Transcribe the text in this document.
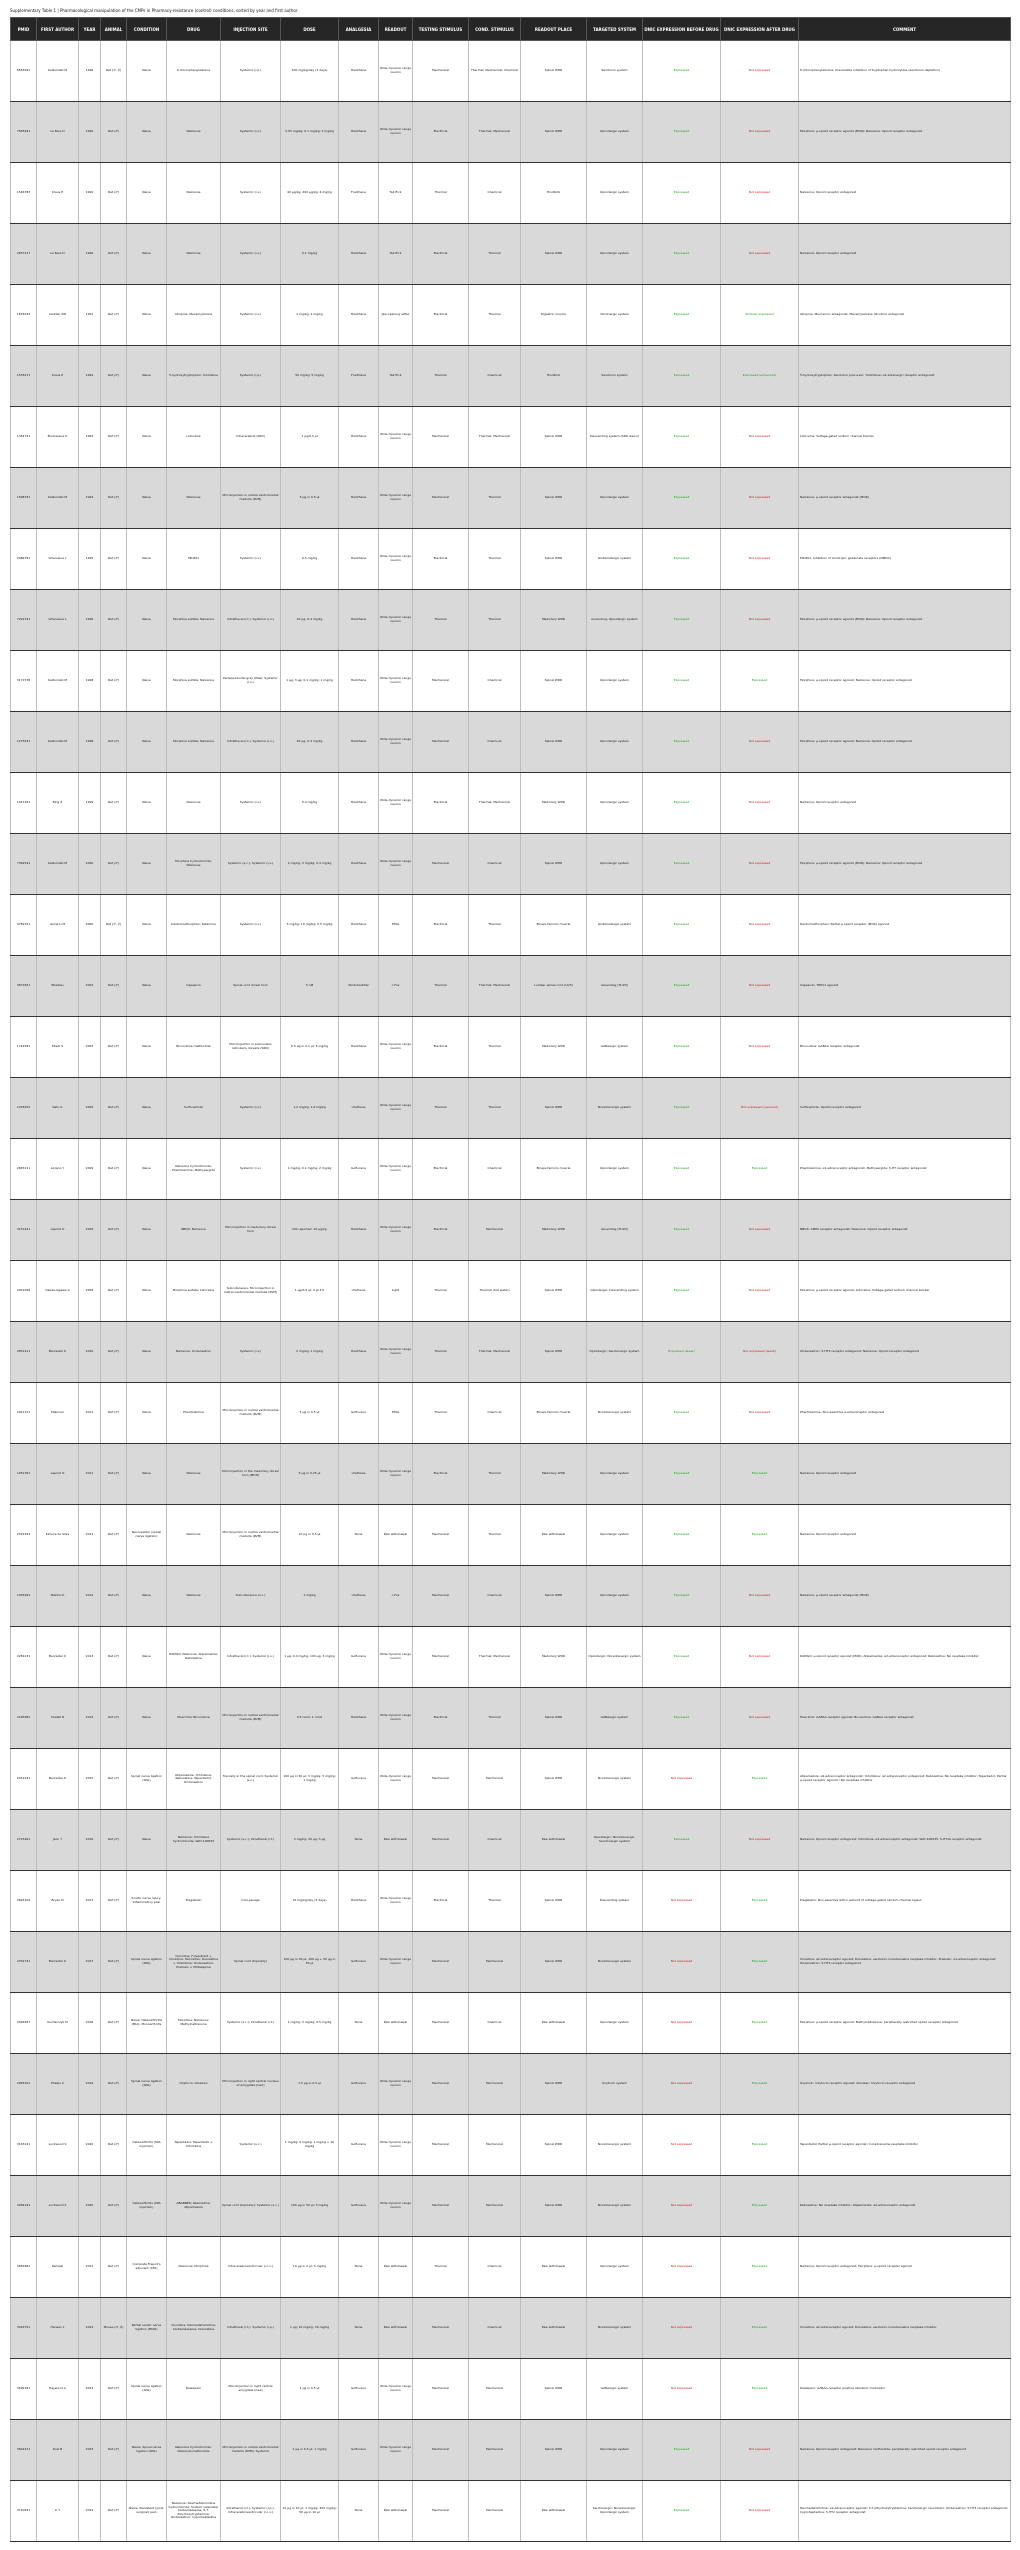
Supplementary Table 1 | Pharmacological manipulation of the CMPs in Pharmacy-resistance (control) conditions, sorted by year and first author
PMID	FIRST AUTHOR	YEAR	ANIMAL	CONDITION	DRUG	INJECTION SITE	DOSE	ANALGESIA	READOUT	TESTING STIMULUS	COND. STIMULUS	READOUT PLACE	TARGETED SYSTEM	DNIC EXPRESSION BEFORE DRUG	DNIC EXPRESSION AFTER DRUG	COMMENT
8563991	Kalliomäki M	1996	Rat (♂, ♀)	Naive	P-chlorophenylalanine	Systemic (i.p.)	300 mg/kg/day (3 days)	Halothane	Wide dynamic range neuron	Mechanical	Thermal; Mechanical; Chemical	Spinal WDR	Serotonin system	Expressed	Not expressed	P-chlorophenylalanine: Irreversible inhibition of tryptophan hydroxylase (serotonin depletion)
7583491	Le Bars D	1990	Rat (♂)	Naive	Naloxone	Systemic (i.v.)	0.05 mg/kg; 0.1 mg/kg; 2 mg/kg	Halothane	Wide dynamic range neuron	Electrical	Thermal; Mechanical	Spinal WDR	Opioidergic system	Expressed	Not expressed	Morphine: μ-opioid receptor agonist (MOR); Naloxone: Opioid receptor antagonist
1546783	Kraus E	1990	Rat (♂)	Naive	Naloxone	Systemic (i.v.)	40 μg/kg; 400 μg/kg; 4 mg/kg	Fluothane	Tail flick	Thermal	Chemical	Hindlimb	Opioidergic system	Expressed	Not expressed	Naloxone: Opioid receptor antagonist
2657217	Le Bars D	1990	Rat (♂)	Naive	Naloxone	Systemic (i.v.)	0.1 mg/kg	Halothane	Tail flick	Electrical	Thermal	Spinal WDR	Opioidergic system	Expressed	Not expressed	Naloxone: Opioid receptor antagonist
1876543	Cadden SW	1991	Rat (♂)	Naive	Atropine; Mecamylamine	Systemic (i.v.)	1 mg/kg; 2 mg/kg	Halothane	Jaw-opening reflex	Electrical	Thermal	Digastric muscle	Cholinergic system	Expressed	Partially expressed	Atropine: Muscarinic antagonist; Mecamylamine: Nicotinic antagonist
1578271	Kraus E	1992	Rat (♂)	Naive	5-hydroxytryptophan; Yohimbine	Systemic (i.p.)	50 mg/kg; 5 mg/kg	Fluothane	Tail flick	Thermal	Chemical	Hindlimb	Serotonin system	Expressed	Expressed (enhanced)	5-hydroxytryptophan: Serotonin precursor; Yohimbine: α2-adrenergic receptor antagonist
1354791	Bouhassira D	1993	Rat (♂)	Naive	Lidocaine	Intracerebral (SRD)	1 μg/0.5 μl	Halothane	Wide dynamic range neuron	Mechanical	Thermal; Mechanical	Spinal WDR	Descending system (SRD lesion)	Expressed	Not expressed	Lidocaine: Voltage-gated sodium channel blocker
1598331	Kalliomäki M	1994	Rat (♂)	Naive	Naloxone	Microinjection in rostral ventromedial medulla (RVM)	5 μg in 0.5 μl	Halothane	Wide dynamic range neuron	Mechanical	Thermal	Spinal WDR	Opioidergic system	Expressed	Not expressed	Naloxone: μ-opioid receptor antagonist (MOR)
2086781	Villanueva L	1995	Rat (♂)	Naive	MK-801	Systemic (i.v.)	0.5 mg/kg	Halothane	Wide dynamic range neuron	Electrical	Thermal	Spinal WDR	Glutamatergic system	Expressed	Not expressed	MK-801: Inhibition of ionotropic glutamate receptors (NMDA)
7291331	Villanueva L	1996	Rat (♂)	Naive	Morphine sulfate; Naloxone	Intrathecal (i.t.); Systemic (i.v.)	10 μg; 0.4 mg/kg	Halothane	Wide dynamic range neuron	Thermal	Thermal	Medullary WDR	Ascending; Opioidergic system	Expressed	Not expressed	Morphine: μ-opioid receptor agonist (MOR); Naloxone: Opioid receptor antagonist
3171578	Kalliomäki M	1998	Rat (♂)	Naive	Morphine sulfate; Naloxone	Periaqueductal grey (PAG); Systemic (i.v.)	1 μg; 3 μg; 0.1 mg/kg; 1 mg/kg	Halothane	Wide dynamic range neuron	Mechanical	Chemical	Spinal WDR	Opioidergic system	Expressed	Expressed	Morphine: μ-opioid receptor agonist; Naloxone: Opioid receptor antagonist
1275631	Kalliomäki M	1998	Rat (♂)	Naive	Morphine sulfate; Naloxone	Intrathecal (i.t.); Systemic (i.v.)	25 μg; 0.4 mg/kg	Halothane	Wide dynamic range neuron	Mechanical	Chemical	Spinal WDR	Opioidergic system	Expressed	Not expressed	Morphine: μ-opioid receptor agonist; Naloxone: Opioid receptor antagonist
1457361	Bing Z	1999	Rat (♂)	Naive	Naloxone	Systemic (i.v.)	0.4 mg/kg	Halothane	Wide dynamic range neuron	Electrical	Thermal; Mechanical	Medullary WDR	Opioidergic system	Expressed	Not expressed	Naloxone: Opioid receptor antagonist
7362541	Kalliomäki M	2000	Rat (♂)	Naive	Morphine hydrochloride; Naloxone	Systemic (s.c.); Systemic (i.v.)	1 mg/kg; 3 mg/kg; 0.4 mg/kg	Halothane	Wide dynamic range neuron	Mechanical	Chemical	Spinal WDR	Opioidergic system	Expressed	Not expressed	Morphine: μ-opioid receptor agonist (MOR); Naloxone: Opioid receptor antagonist
4781551	Gozariu M	2000	Rat (♂, ♀)	Naive	Dextromethorphan; Ketamine	Systemic (i.v.)	5 mg/kg; 10 mg/kg; 0.5 mg/kg	Halothane	EMG	Electrical	Thermal	Biceps femoris muscle	Glutamatergic system	Expressed	Not expressed	Dextromethorphan: Partial μ-opioid receptor (MOR) agonist
3671821	Ebadian	2002	Rat (♂)	Naive	Capsaicin	Spinal cord dorsal horn	5 nM	Pentobarbital	c-Fos	Thermal	Thermal; Mechanical	Lumbar spinal cord (L4/5)	Ascending (TL4/5)	Expressed	Not expressed	Capsaicin: TRPV1 agonist
1742581	Ebadi S	2003	Rat (♂)	Naive	Bicuculline methiodide	Microinjection in subnucleus reticularis dorsalis (SRD)	0.5 μg in 0.1 μl; 5 mg/kg	Halothane	Wide dynamic range neuron	Electrical	Thermal	Medullary WDR	GABAergic system	Expressed	Not expressed	Bicuculline: GABAA receptor antagonist
1293452	Kato G	2005	Rat (♂)	Naive	Sulfonamide	Systemic (i.v.)	1.2 mg/kg; 1.6 mg/kg	Urethane	Wide dynamic range neuron	Thermal	Thermal	Spinal WDR	Noradrenergic system	Expressed	Not expressed (reduced)	Sulfonamide: Opioid receptor antagonist
2687211	Lozano Y	2009	Rat (♂)	Naive	Naloxone hydrochloride; Phentolamine; Methysergide	Systemic (i.v.)	1 mg/kg; 0.1 mg/kg; 2 mg/kg	Isoflurane	Wide dynamic range neuron	Electrical	Chemical	Biceps femoris muscle	Opioidergic system	Expressed	Expressed	Phentolamine: α1-adrenoceptor antagonist; Methysergide: 5-HT receptor antagonist
3151441	Lapirot O	2009	Rat (♂)	Naive	NBQX; Naloxone	Microinjection in medullary dorsal horn	Not reported; 10 μg/kg	Halothane	Wide dynamic range neuron	Electrical	Mechanical	Medullary WDR	Ascending (TL4/5)	Expressed	Not expressed	NBQX: AMPA receptor antagonist; Naloxone: Opioid receptor antagonist
2941008	Okada-Ogawa A	2009	Rat (♂)	Naive	Morphine sulfate; Lidocaine	Subcutaneous; Microinjection in rostral ventromedial medulla (RVM)	1 μg/0.5 μl; 4 μl 2%	Urethane	Light	Thermal	Thermal (hot water)	Spinal WDR	Opioidergic; Descending system	Expressed	Not expressed	Morphine: μ-opioid receptor agonist; Lidocaine: Voltage-gated sodium channel blocker
2831411	Bannister K	2010	Rat (♂)	Naive	Naloxone; Ondansetron	Systemic (i.v.)	2 mg/kg; 1 mg/kg	Halothane	Wide dynamic range neuron	Thermal	Thermal; Mechanical	Spinal WDR	Opioidergic; Serotonergic system	Expressed (weak)	Not expressed (weak)	Ondansetron: 5-HT3 receptor antagonist; Naloxone: Opioid receptor antagonist
2921311	Mabrouk	2011	Rat (♂)	Naive	Phentolamine	Microinjection in rostral ventromedial medulla (RVM)	5 μg in 0.5 μl	Isoflurane	EMG	Thermal	Chemical	Biceps femoris muscle	Noradrenergic system	Expressed	Not expressed	Phentolamine: Non-selective α-adrenoceptor antagonist
1951391	Lapirot O	2011	Rat (♂)	Naive	Naloxone	Microinjection in the medullary dorsal horn (MDH)	5 μg in 0.25 μl	Urethane	Wide dynamic range neuron	Electrical	Thermal	Medullary WDR	Opioidergic system	Expressed	Expressed	Naloxone: Opioid receptor antagonist
2319354	Kimura da Silva	2011	Rat (♂)	Neuropathic (spinal nerve ligation)	Naloxone	Microinjection in rostral ventromedial medulla (RVM)	10 μg in 0.5 μl	None	Paw withdrawal	Mechanical	Thermal	Paw withdrawal	Opioidergic system	Expressed	Expressed	Naloxone: Opioid receptor antagonist
1935991	Makino K	2012	Rat (♂)	Naive	Naloxone	Subcutaneous (s.c.)	1 mg/kg	Urethane	c-Fos	Mechanical	Chemical	Spinal WDR	Opioidergic system	Expressed	Not expressed	Naloxone: μ-opioid receptor antagonist (MOR)
2281231	Bannister K	2013	Rat (♂)	Naive	DAMGO; Naloxone; Atipamezole; Reboxetine	Intrathecal (i.t.); Systemic (i.v.)	1 μg; 0.4 mg/kg; 100 μg; 3 mg/kg	Isoflurane	Wide dynamic range neuron	Mechanical	Thermal; Mechanical	Medullary WDR	Opioidergic; Noradrenergic system	Expressed	Not expressed	DAMGO: μ-opioid receptor agonist (MOR); Atipamezole: α2-adrenoceptor antagonist; Reboxetine: NA reuptake inhibitor
2165981	Chebbi R	2014	Rat (♂)	Naive	Muscimol; Bicuculline	Microinjection in rostral ventromedial medulla (RVM)	0.5 nmol; 1 nmol	Halothane	Wide dynamic range neuron	Electrical	Thermal	Spinal WDR	GABAergic system	Expressed	Not expressed	Muscimol: GABAA receptor agonist; Bicuculline: GABAA receptor antagonist
2451931	Bannister K	2015	Rat (♂)	Spinal nerve ligation (SNL)	Atipamezole; Yohimbine; Reboxetine; Tapentadol; Ondansetron	Topically in the spinal cord; Systemic (s.c.)	100 μg in 50 μl; 3 mg/kg; 5 mg/kg; 1 mg/kg	Isoflurane	Wide dynamic range neuron	Mechanical	Mechanical	Spinal WDR	Noradrenergic system	Not expressed	Expressed	Atipamezole: α2-adrenoceptor antagonist; Yohimbine: α2-adrenoceptor antagonist; Reboxetine: NA reuptake inhibitor; Tapentadol: Partial μ-opioid receptor agonist / NA reuptake inhibitor
2715461	Jeon Y	2016	Rat (♂)	Naive	Naloxone; Yohimbine hydrochloride; WAY-100635	Systemic (s.c.); Intrathecal (i.t.)	3 mg/kg; 30 μg; 3 μg	None	Paw withdrawal	Mechanical	Chemical	Paw withdrawal	Opioidergic; Noradrenergic; Serotonergic system	Expressed	Not expressed	Naloxone: Opioid receptor antagonist; Yohimbine: α2-adrenoceptor antagonist; WAY-100635: 5-HT1A receptor antagonist
2893104	Bryan N	2017	Rat (♂)	Sciatic nerve injury; Inflammatory pain	Pregabalin	Oral gavage	10 mg/kg/day (3 days)	Halothane	Wide dynamic range neuron	Electrical	Thermal	Spinal WDR	Descending system	Not expressed	Expressed	Pregabalin: Non-selective α2δ-1 subunit of voltage-gated calcium channel ligand
2761721	Bannister K	2017	Rat (♂)	Spinal nerve ligation (SNL)	Clonidine; Fulvestrant + Clonidine; Tamoxifen; Duloxetine + Yohimbine; Ondansetron; Prazosin + Mirtazapine	Spinal cord (topically)	100 μg in 50 μl; 100 μg + 50 μg in 50 μl	Isoflurane	Wide dynamic range neuron	Mechanical	Mechanical	Spinal WDR	Noradrenergic system	Not expressed	Expressed	Clonidine: α2-adrenoceptor agonist; Duloxetine: serotonin-noradrenaline reuptake inhibitor; Prazosin: α1-adrenoceptor antagonist; Ondansetron: 5-HT3 receptor antagonist
2946467	Kucharczyk M	2018	Rat (♂)	Naive; Osteoarthritis (MIA); Monoarthritis	Morphine; Naloxone; Methylnaltrexone	Systemic (s.c.); Intrathecal (i.t.)	1 mg/kg; 3 mg/kg; 0.5 mg/kg	None	Paw withdrawal	Mechanical	Chemical	Paw withdrawal	Opioidergic system	Not expressed	Expressed	Morphine: μ-opioid receptor agonist; Methylnaltrexone: peripherally restricted opioid receptor antagonist
2993101	Phelps C	2019	Rat (♂)	Spinal nerve ligation (SNL)	Oxytocin; Atosiban	Microinjection in right central nucleus of amygdala (CeA)	1.5 μg in 0.5 μl	Isoflurane	Wide dynamic range neuron	Mechanical	Mechanical	Spinal WDR	Oxytocin system	Not expressed	Expressed	Oxytocin: Oxytocin receptor agonist; Atosiban: Oxytocin receptor antagonist
3163241	Lockwood S	2020	Rat (♂)	Osteoarthritis (MIA injection)	Tapentadol; Tapentadol + Yohimbine	Systemic (s.c.)	1 mg/kg; 5 mg/kg; 1 mg/kg + 10 mg/kg	Isoflurane	Wide dynamic range neuron	Mechanical	Mechanical	Spinal WDR	Noradrenergic system	Not expressed	Expressed	Tapentadol: Partial μ-opioid receptor agonist / noradrenaline reuptake inhibitor
3284191	Lockwood S	2020	Rat (♂)	Osteoarthritis (MIA injection)	ABGBBER; Reboxetine; Atipamezole	Spinal cord (topically); Systemic (s.c.)	100 μg in 50 μl; 3 mg/kg	Isoflurane	Wide dynamic range neuron	Mechanical	Mechanical	Spinal WDR	Noradrenergic system	Not expressed	Expressed	Reboxetine: NA reuptake inhibitor; Atipamezole: α2-adrenoceptor antagonist
3081861	Rampal	2021	Rat (♂)	Complete Freund's adjuvant (CFA)	Naloxone; Morphine	Intracerebroventricular (i.c.v.)	10 μg in 2 μl; 5 mg/kg	None	Paw withdrawal	Thermal	Chemical	Paw withdrawal	Opioidergic system	Not expressed	Expressed	Naloxone: Opioid receptor antagonist; Morphine: μ-opioid receptor agonist
3416751	Hansen L	2022	Mouse (♂, ♀)	Partial sciatic nerve ligation (PSNL)	Clonidine; Dexmedetomidine; Carbamazepine; Duloxetine	Intrathecal (i.t.); Systemic (i.p.)	1 μg; 10 mg/kg; 30 mg/kg	None	Paw withdrawal	Mechanical	Chemical	Paw withdrawal	Noradrenergic system	Not expressed	Expressed	Clonidine: α2-adrenoceptor agonist; Duloxetine: serotonin-noradrenaline reuptake inhibitor
3599181	Haywood A	2023	Rat (♂)	Spinal nerve ligation (SNL)	Diazepam	Microinjection in right central amygdala (CeA)	1 μg in 0.5 μl	Isoflurane	Wide dynamic range neuron	Mechanical	Mechanical	Spinal WDR	GABAergic system	Not expressed	Expressed	Diazepam: GABAA receptor positive allosteric modulator
3622411	Ruiz B	2023	Rat (♂)	Naive; Spinal nerve ligation (SNL)	Naloxone hydrochloride; Naloxone methiodide	Microinjection in rostral ventromedial medulla (RVM); Systemic	1 μg in 0.5 μl; 1 mg/kg	Isoflurane	Wide dynamic range neuron	Mechanical	Mechanical	Spinal WDR	Opioidergic system	Expressed	Not expressed	Naloxone: Opioid receptor antagonist; Naloxone methiodide: peripherally restricted opioid receptor antagonist
3710631	Li Y	2024	Rat (♂)	Naive; Persistent (post-surgical) pain	Naloxone; Dexmedetomidine hydrochloride; Sodium valproate; Carbamazepine; 5,7-dihydroxytryptamine; Ondansetron; Cyproheptadine	Intrathecal (i.t.); Systemic (i.p.); Intracerebroventricular (i.c.v.)	10 μg in 10 μl; 1 mg/kg; 300 mg/kg; 50 μg in 10 μl	None	Paw withdrawal	Mechanical	Mechanical	Paw withdrawal	Serotonergic; Noradrenergic; Opioidergic system	Expressed	Not expressed	Dexmedetomidine: α2-adrenoceptor agonist; 5,7-dihydroxytryptamine: Serotonergic neurotoxin; Ondansetron: 5-HT3 receptor antagonist; Cyproheptadine: 5-HT2 receptor antagonist
